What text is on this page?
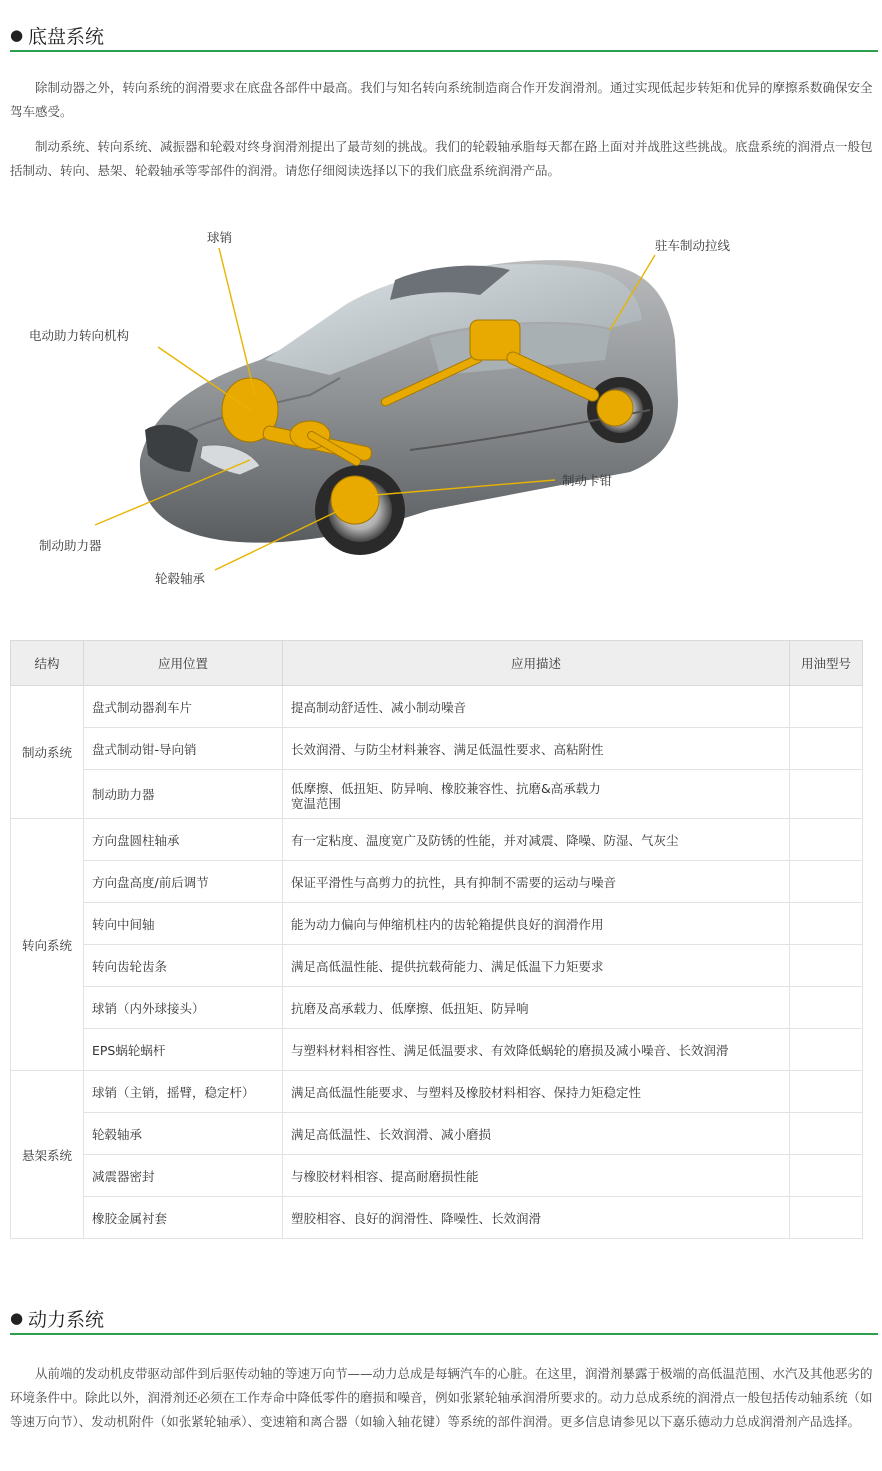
● 底盘系统

除制动器之外，转向系统的润滑要求在底盘各部件中最高。我们与知名转向系统制造商合作开发润滑剂。通过实现低起步转矩和优异的摩擦系数确保安全驾车感受。

制动系统、转向系统、减振器和轮毂对终身润滑剂提出了最苛刻的挑战。我们的轮毂轴承脂每天都在路上面对并战胜这些挑战。底盘系统的润滑点一般包括制动、转向、悬架、轮毂轴承等零部件的润滑。请您仔细阅读选择以下的我们底盘系统润滑产品。

球销
驻车制动拉线
电动助力转向机构
制动卡钳
制动助力器
轮毂轴承
结构	应用位置	应用描述	用油型号
制动系统	盘式制动器刹车片	提高制动舒适性、减小制动噪音	
	盘式制动钳-导向销	长效润滑、与防尘材料兼容、满足低温性要求、高粘附性	
	制动助力器	低摩擦、低扭矩、防异响、橡胶兼容性、抗磨&高承载力
宽温范围	

转向系统	方向盘圆柱轴承	有一定粘度、温度宽广及防锈的性能，并对减震、降噪、防湿、气灰尘	
	方向盘高度/前后调节	保证平滑性与高剪力的抗性，具有抑制不需要的运动与噪音	
	转向中间轴	能为动力偏向与伸缩机柱内的齿轮箱提供良好的润滑作用	
	转向齿轮齿条	满足高低温性能、提供抗载荷能力、满足低温下力矩要求	
	球销（内外球接头）	抗磨及高承载力、低摩擦、低扭矩、防异响	
	EPS蜗轮蜗杆	与塑料材料相容性、满足低温要求、有效降低蜗轮的磨损及减小噪音、长效润滑	
悬架系统	球销（主销，摇臂，稳定杆）	满足高低温性能要求、与塑料及橡胶材料相容、保持力矩稳定性	
	轮毂轴承	满足高低温性、长效润滑、减小磨损	
	减震器密封	与橡胶材料相容、提高耐磨损性能	
	橡胶金属衬套	塑胶相容、良好的润滑性、降噪性、长效润滑	
● 动力系统

从前端的发动机皮带驱动部件到后驱传动轴的等速万向节——动力总成是每辆汽车的心脏。在这里，润滑剂暴露于极端的高低温范围、水汽及其他恶劣的环境条件中。除此以外，润滑剂还必须在工作寿命中降低零件的磨损和噪音，例如张紧轮轴承润滑所要求的。动力总成系统的润滑点一般包括传动轴系统（如等速万向节）、发动机附件（如张紧轮轴承）、变速箱和离合器（如输入轴花键）等系统的部件润滑。更多信息请参见以下嘉乐德动力总成润滑剂产品选择。
